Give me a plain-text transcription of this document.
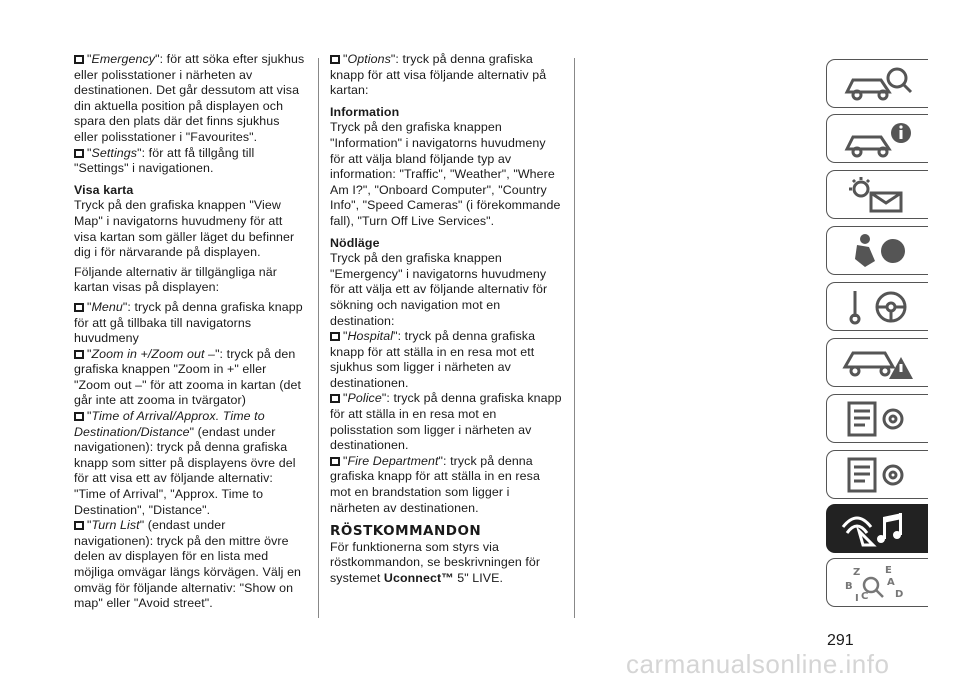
"Emergency": för att söka efter sjukhus eller polisstationer i närheten av destinationen. Det går dessutom att visa din aktuella position på displayen och spara den plats där det finns sjukhus eller polisstationer i "Favourites".

"Settings": för att få tillgång till "Settings" i navigationen.

Visa karta

Tryck på den grafiska knappen "View Map" i navigatorns huvudmeny för att visa kartan som gäller läget du befinner dig i för närvarande på displayen.

Följande alternativ är tillgängliga när kartan visas på displayen:

"Menu": tryck på denna grafiska knapp för att gå tillbaka till navigatorns huvudmeny

"Zoom in +/Zoom out –": tryck på den grafiska knappen "Zoom in +" eller "Zoom out –" för att zooma in kartan (det går inte att zooma in tvärgator)

"Time of Arrival/Approx. Time to Destination/Distance" (endast under navigationen): tryck på denna grafiska knapp som sitter på displayens övre del för att visa ett av följande alternativ: "Time of Arrival", "Approx. Time to Destination", "Distance".

"Turn List" (endast under navigationen): tryck på den mittre övre delen av displayen för en lista med möjliga omvägar längs körvägen. Välj en omväg för följande alternativ: "Show on map" eller "Avoid street".

"Options": tryck på denna grafiska knapp för att visa följande alternativ på kartan:

Information

Tryck på den grafiska knappen "Information" i navigatorns huvudmeny för att välja bland följande typ av information: "Traffic", "Weather", "Where Am I?", "Onboard Computer", "Country Info", "Speed Cameras" (i förekommande fall), "Turn Off Live Services".

Nödläge

Tryck på den grafiska knappen "Emergency" i navigatorns huvudmeny för att välja ett av följande alternativ för sökning och navigation mot en destination:

"Hospital": tryck på denna grafiska knapp för att ställa in en resa mot ett sjukhus som ligger i närheten av destinationen.

"Police": tryck på denna grafiska knapp för att ställa in en resa mot en polisstation som ligger i närheten av destinationen.

"Fire Department": tryck på denna grafiska knapp för att ställa in en resa mot en brandstation som ligger i närheten av destinationen.

RÖSTKOMMANDON

För funktionerna som styrs via röstkommandon, se beskrivningen för systemet Uconnect™ 5" LIVE.	Z E
A
B
C	D
I
291
carmanualsonline.info
